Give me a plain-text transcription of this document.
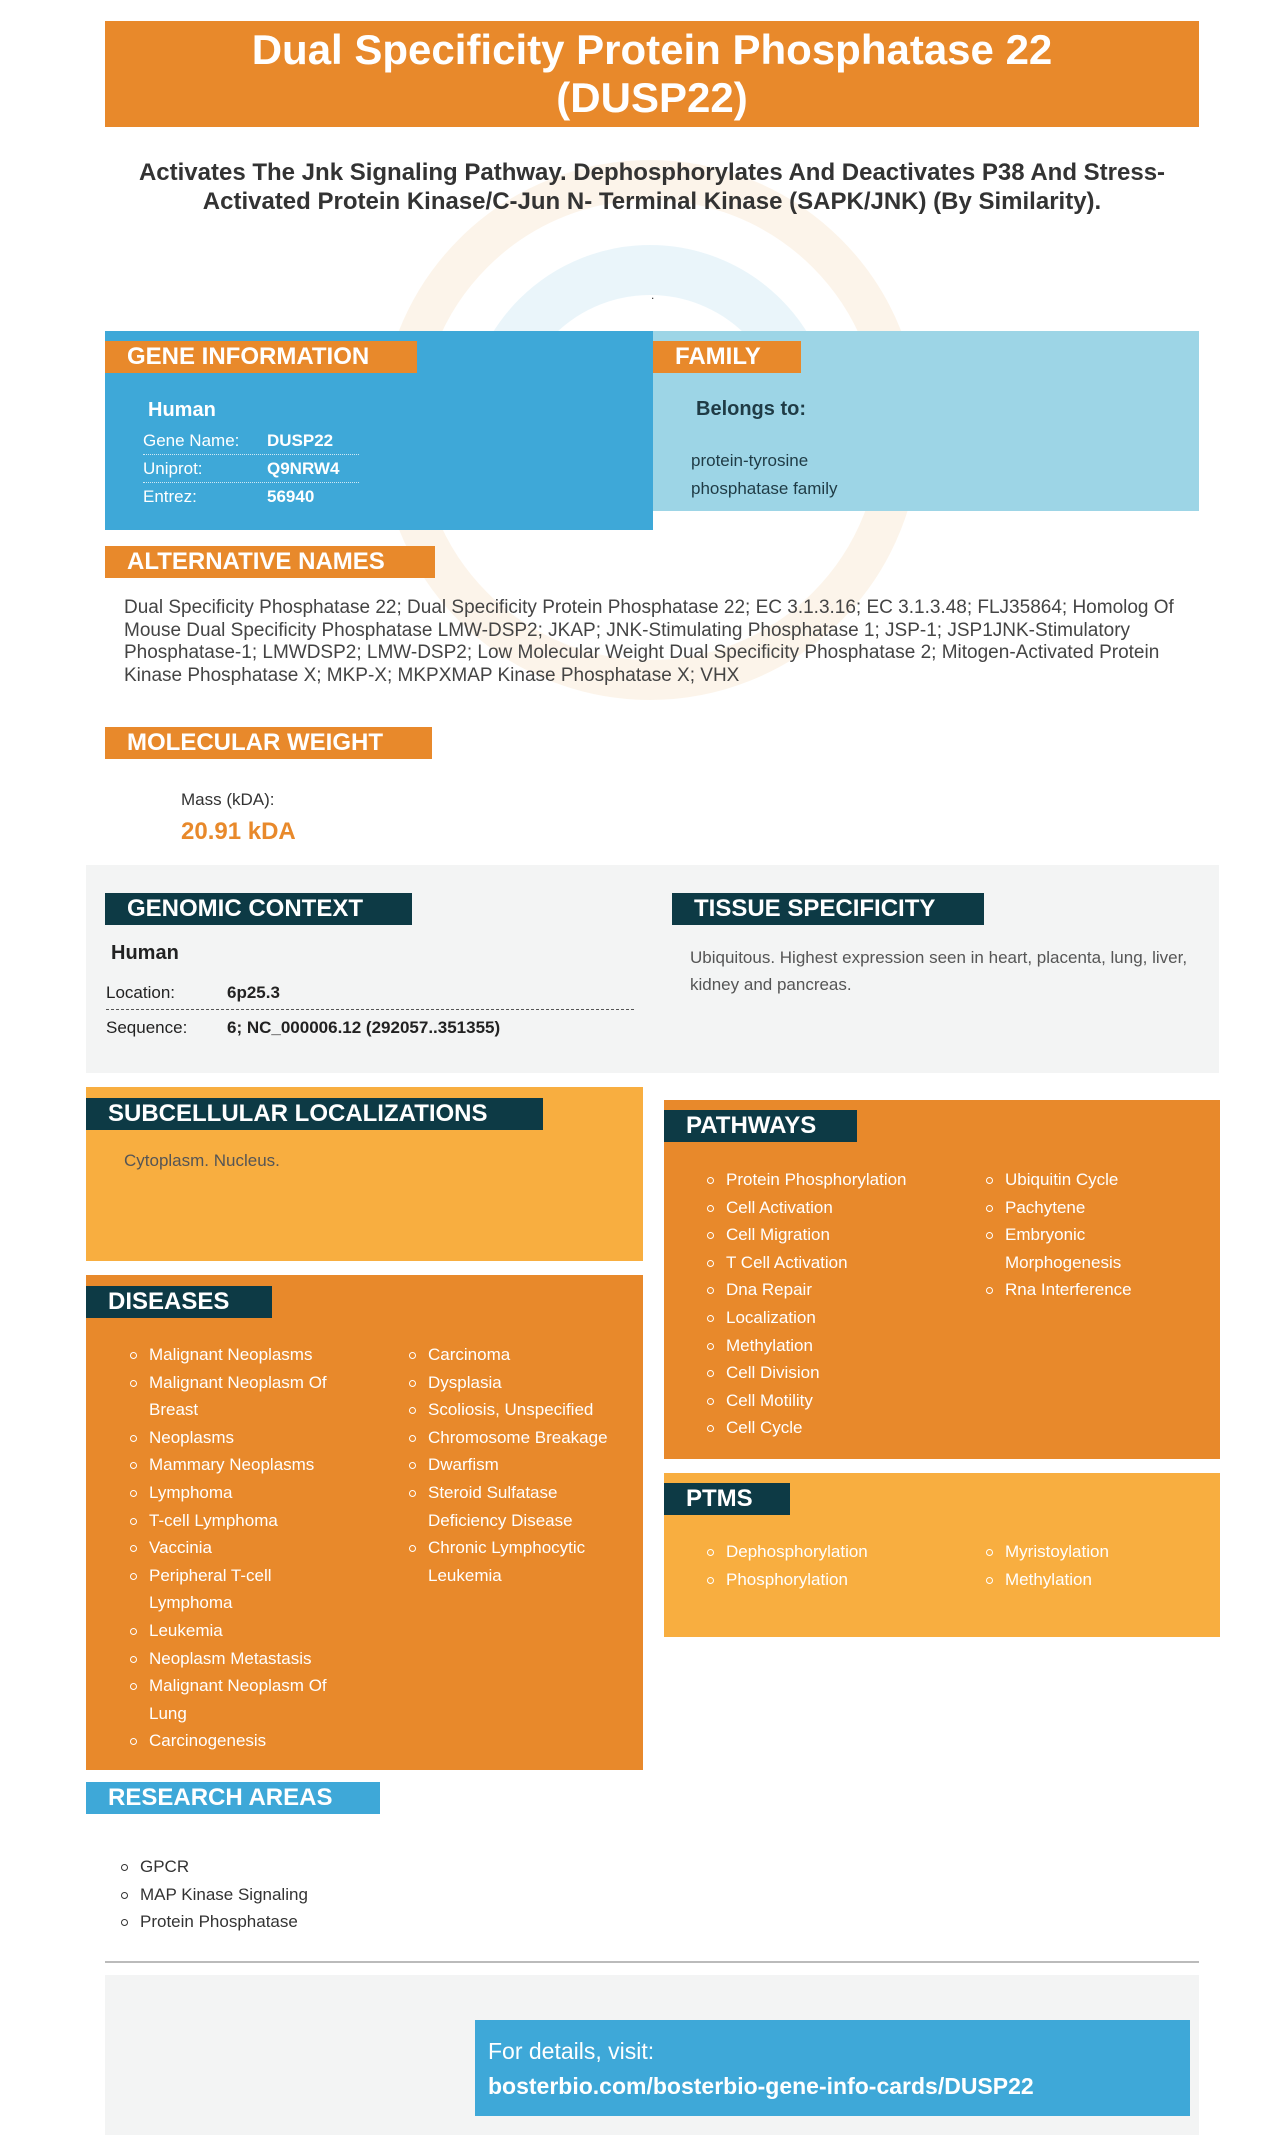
Dual Specificity Protein Phosphatase 22 (DUSP22)
Activates The Jnk Signaling Pathway. Dephosphorylates And Deactivates P38 And Stress-Activated Protein Kinase/C-Jun N- Terminal Kinase (SAPK/JNK) (By Similarity).
.
GENE INFORMATION
Human
Gene Name:	DUSP22
Uniprot:	Q9NRW4
Entrez:	56940
FAMILY
Belongs to:
protein-tyrosine
phosphatase family
ALTERNATIVE NAMES
Dual Specificity Phosphatase 22; Dual Specificity Protein Phosphatase 22; EC 3.1.3.16; EC 3.1.3.48; FLJ35864; Homolog Of Mouse Dual Specificity Phosphatase LMW-DSP2; JKAP; JNK-Stimulating Phosphatase 1; JSP-1; JSP1JNK-Stimulatory Phosphatase-1; LMWDSP2; LMW-DSP2; Low Molecular Weight Dual Specificity Phosphatase 2; Mitogen-Activated Protein Kinase Phosphatase X; MKP-X; MKPXMAP Kinase Phosphatase X; VHX
MOLECULAR WEIGHT
Mass (kDA):
20.91 kDA
GENOMIC CONTEXT
Human
Location:	6p25.3
Sequence:	6; NC_000006.12 (292057..351355)
TISSUE SPECIFICITY
Ubiquitous. Highest expression seen in heart, placenta, lung, liver, kidney and pancreas.
SUBCELLULAR LOCALIZATIONS
Cytoplasm. Nucleus.
DISEASES
Malignant Neoplasms
Malignant Neoplasm Of Breast
Neoplasms
Mammary Neoplasms
Lymphoma
T-cell Lymphoma
Vaccinia
Peripheral T-cell Lymphoma
Leukemia
Neoplasm Metastasis
Malignant Neoplasm Of Lung
Carcinogenesis
Carcinoma
Dysplasia
Scoliosis, Unspecified
Chromosome Breakage
Dwarfism
Steroid Sulfatase Deficiency Disease
Chronic Lymphocytic Leukemia
PATHWAYS
Protein Phosphorylation
Cell Activation
Cell Migration
T Cell Activation
Dna Repair
Localization
Methylation
Cell Division
Cell Motility
Cell Cycle
Ubiquitin Cycle
Pachytene
Embryonic Morphogenesis
Rna Interference
PTMS
Dephosphorylation
Phosphorylation
Myristoylation
Methylation
RESEARCH AREAS
GPCR
MAP Kinase Signaling
Protein Phosphatase
For details, visit:
bosterbio.com/bosterbio-gene-info-cards/DUSP22
